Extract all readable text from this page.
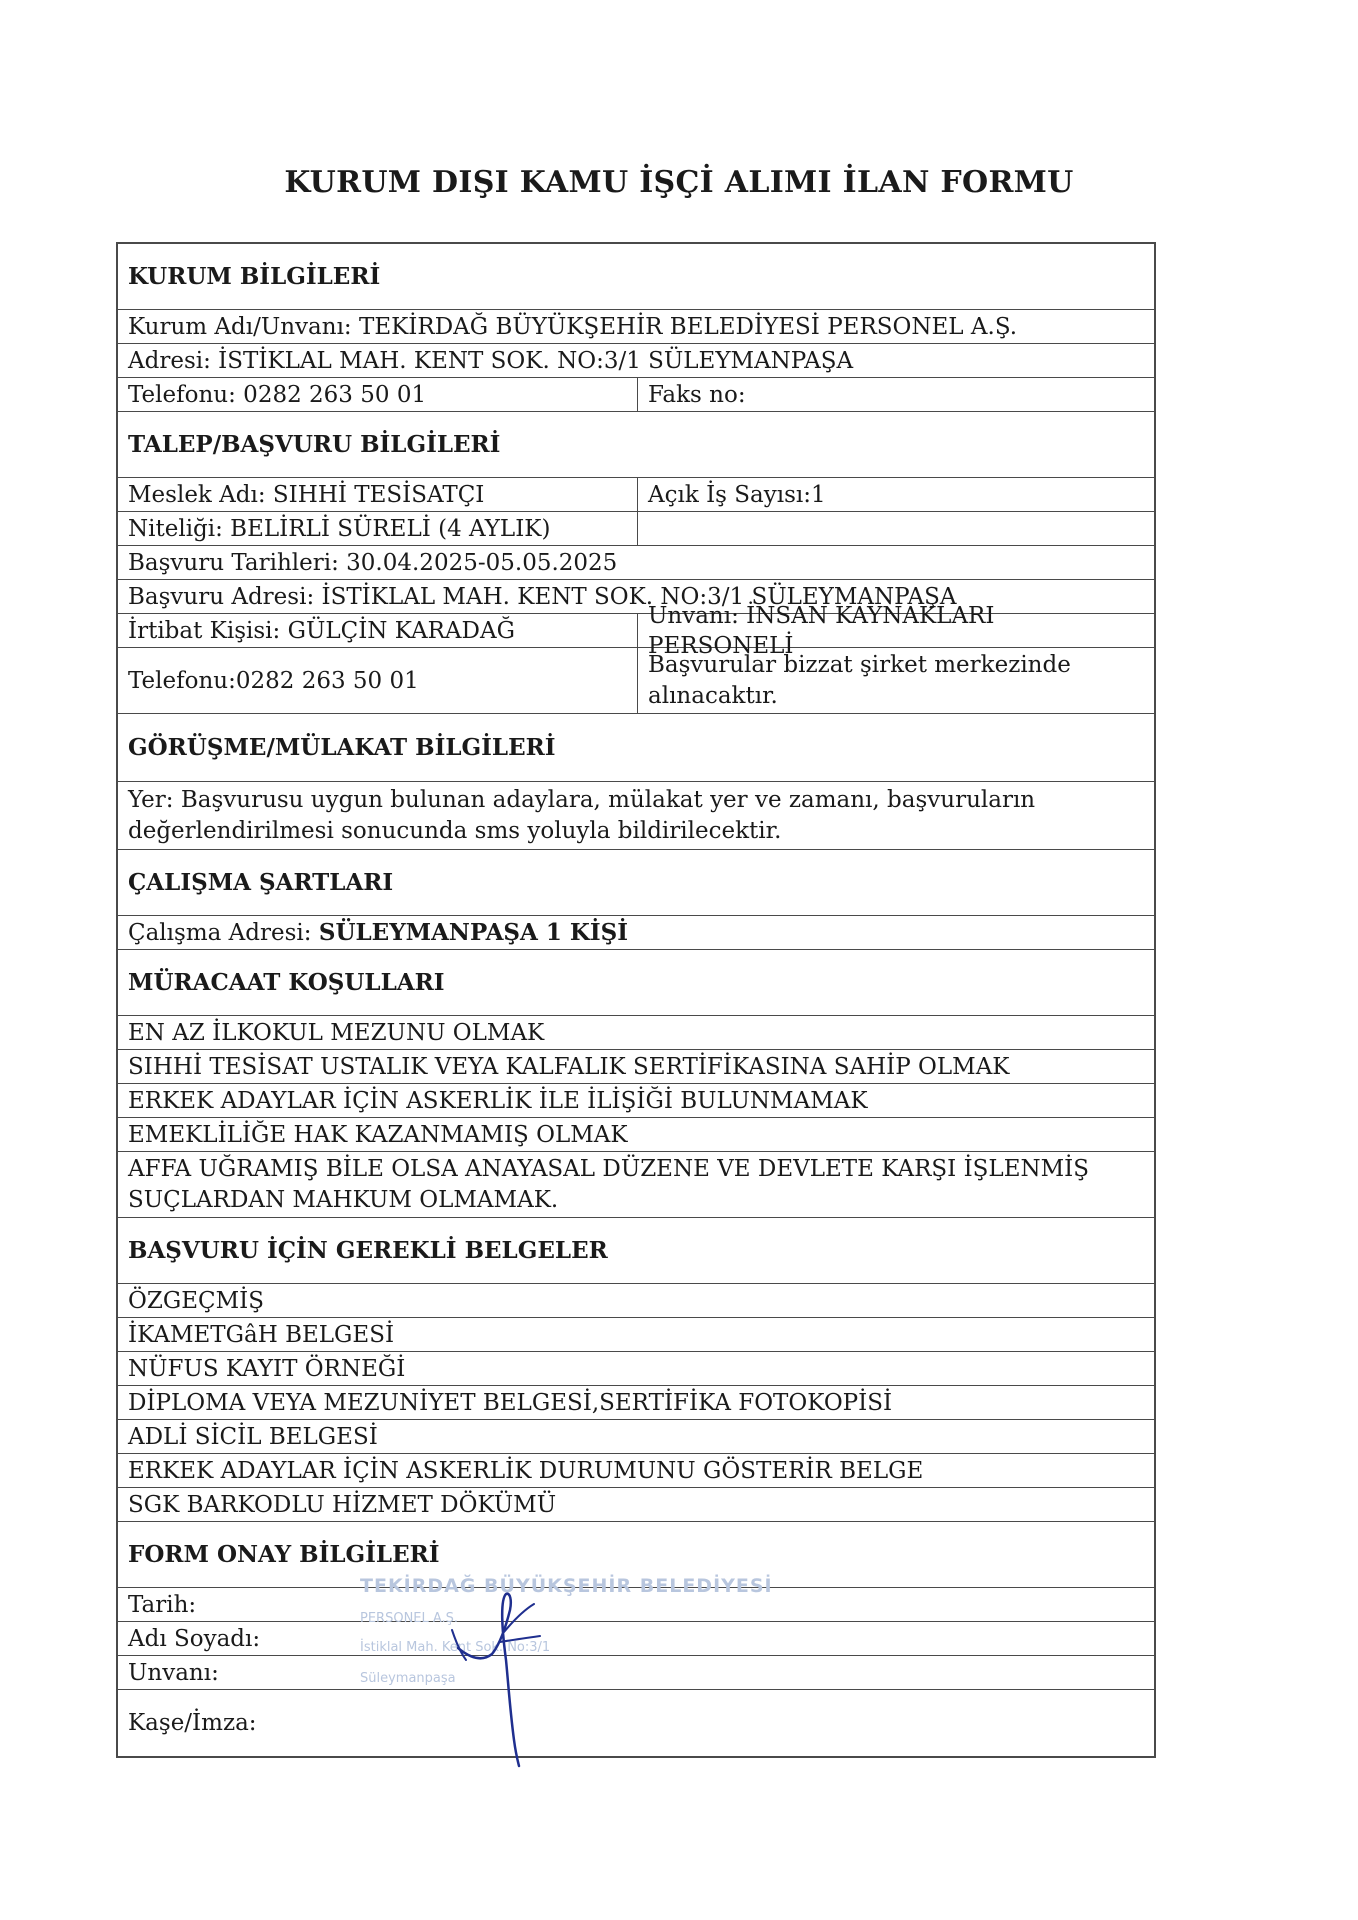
KURUM DIŞI KAMU İŞÇİ ALIMI İLAN FORMU
KURUM BİLGİLERİ
Kurum Adı/Unvanı: TEKİRDAĞ BÜYÜKŞEHİR BELEDİYESİ PERSONEL A.Ş.
Adresi: İSTİKLAL MAH. KENT SOK. NO:3/1 SÜLEYMANPAŞA
Telefonu: 0282 263 50 01	Faks no:
TALEP/BAŞVURU BİLGİLERİ
Meslek Adı: SIHHİ TESİSATÇI	Açık İş Sayısı:1
Niteliği: BELİRLİ SÜRELİ (4 AYLIK)
Başvuru Tarihleri: 30.04.2025-05.05.2025
Başvuru Adresi: İSTİKLAL MAH. KENT SOK. NO:3/1 SÜLEYMANPAŞA
İrtibat Kişisi: GÜLÇİN KARADAĞ
Unvanı: İNSAN KAYNAKLARI PERSONELİ
Telefonu:0282 263 50 01
Başvurular bizzat şirket merkezinde alınacaktır.
GÖRÜŞME/MÜLAKAT BİLGİLERİ
Yer: Başvurusu uygun bulunan adaylara, mülakat yer ve zamanı, başvuruların değerlendirilmesi sonucunda sms yoluyla bildirilecektir.
ÇALIŞMA ŞARTLARI
Çalışma Adresi: SÜLEYMANPAŞA 1 KİŞİ
MÜRACAAT KOŞULLARI
EN AZ İLKOKUL MEZUNU OLMAK
SIHHİ TESİSAT USTALIK VEYA KALFALIK SERTİFİKASINA SAHİP OLMAK
ERKEK ADAYLAR İÇİN ASKERLİK İLE İLİŞİĞİ BULUNMAMAK
EMEKLİLİĞE HAK KAZANMAMIŞ OLMAK
AFFA UĞRAMIŞ BİLE OLSA ANAYASAL DÜZENE VE DEVLETE KARŞI İŞLENMİŞ SUÇLARDAN MAHKUM OLMAMAK.
BAŞVURU İÇİN GEREKLİ BELGELER
ÖZGEÇMİŞ
İKAMETGâH BELGESİ
NÜFUS KAYIT ÖRNEĞİ
DİPLOMA VEYA MEZUNİYET BELGESİ,SERTİFİKA FOTOKOPİSİ
ADLİ SİCİL BELGESİ
ERKEK ADAYLAR İÇİN ASKERLİK DURUMUNU GÖSTERİR BELGE
SGK BARKODLU HİZMET DÖKÜMÜ
FORM ONAY BİLGİLERİ
Tarih:
Adı Soyadı:
Unvanı:
Kaşe/İmza:
TEKİRDAĞ BÜYÜKŞEHİR BELEDİYESİ
PERSONEL A.Ş.
İstiklal Mah. Kent Sok. No:3/1
Süleymanpaşa
